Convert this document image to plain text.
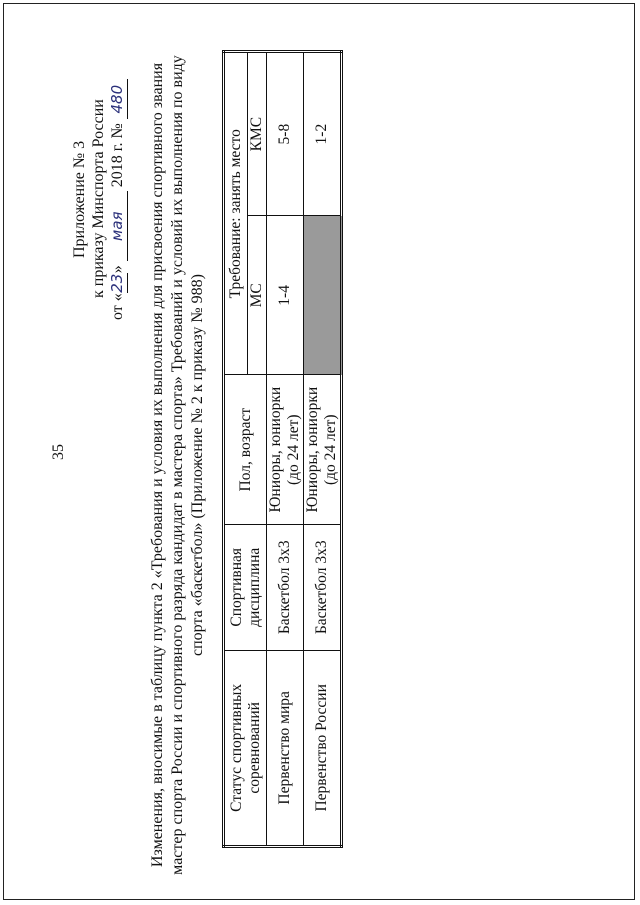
35
Приложение № 3 к приказу Минспорта России
от «23» мая 2018 г. № 480 Изменения, вносимые в таблицу пункта 2 «Требования и условия их выполнения для присвоения спортивного звания мастер спорта России и спортивного разряда кандидат в мастера спорта» Требований и условий их выполнения по виду спорта «баскетбол» (Приложение № 2 к приказу № 988)
Статус спортивных соревнований	Спортивная дисциплина	Пол, возраст	Требование: занять место	
			МС	КМС
Первенство мира	Баскетбол 3х3	Юниоры, юниорки (до 24 лет)	1-4	5-8
Первенство России	Баскетбол 3х3	Юниоры, юниорки (до 24 лет)		1-2
